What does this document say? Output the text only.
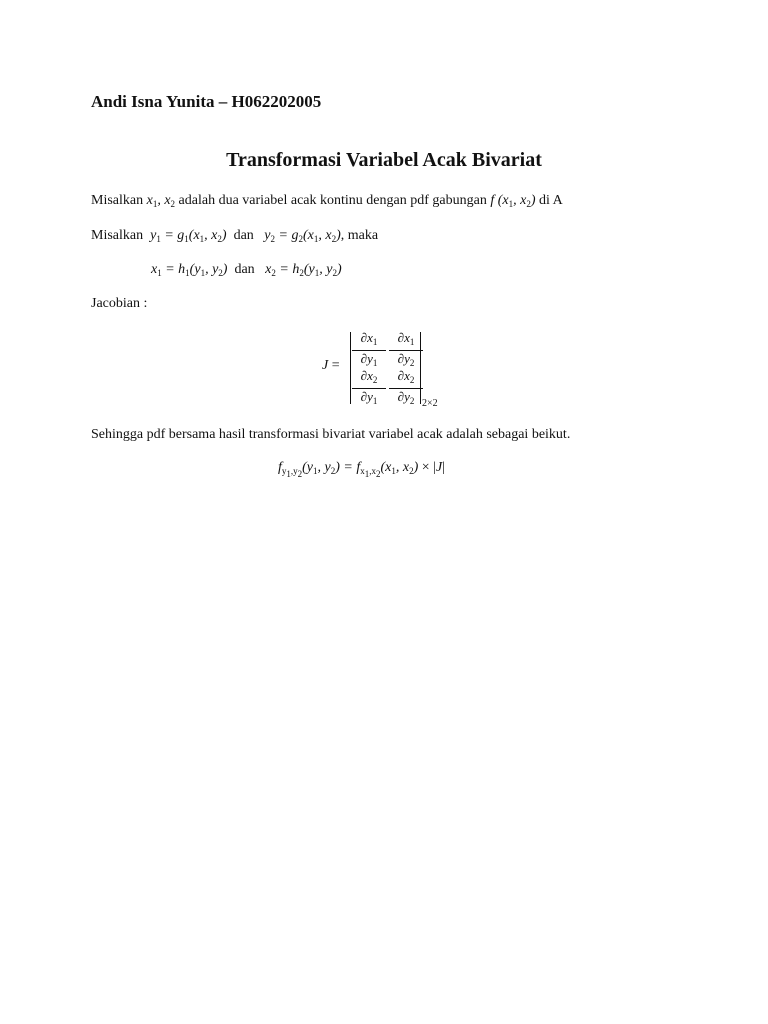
Andi Isna Yunita – H062202005
Transformasi Variabel Acak Bivariat
Misalkan $x_1$, $x_2$ adalah dua variabel acak kontinu dengan pdf gabungan f ($x_1$, $x_2$) di A
Misalkan $y_1 = g_1(x_1$, $x_2$) dan $y_2 = g_2(x_1$, $x_2$), maka
$x_1 = h_1(y_1$, $y_2$) dan $x_2 = h_2(y_1$, $y_2$)
Jacobian :
$J = \frac{\partial x_1}{\partial y_1} \frac{\partial x_1}{\partial y_2}$
$\frac{\partial x_2}{\partial y_1} \frac{\partial x_2}{\partial y_2} 2\times 2$
Sehingga pdf bersama hasil transformasi bivariat variabel acak adalah sebagai beikut.
$f_{y_1,y_2}(y_1$, $y_2) = f_{x_1,x_2}(x_1$, $x_2) \times |J|$
